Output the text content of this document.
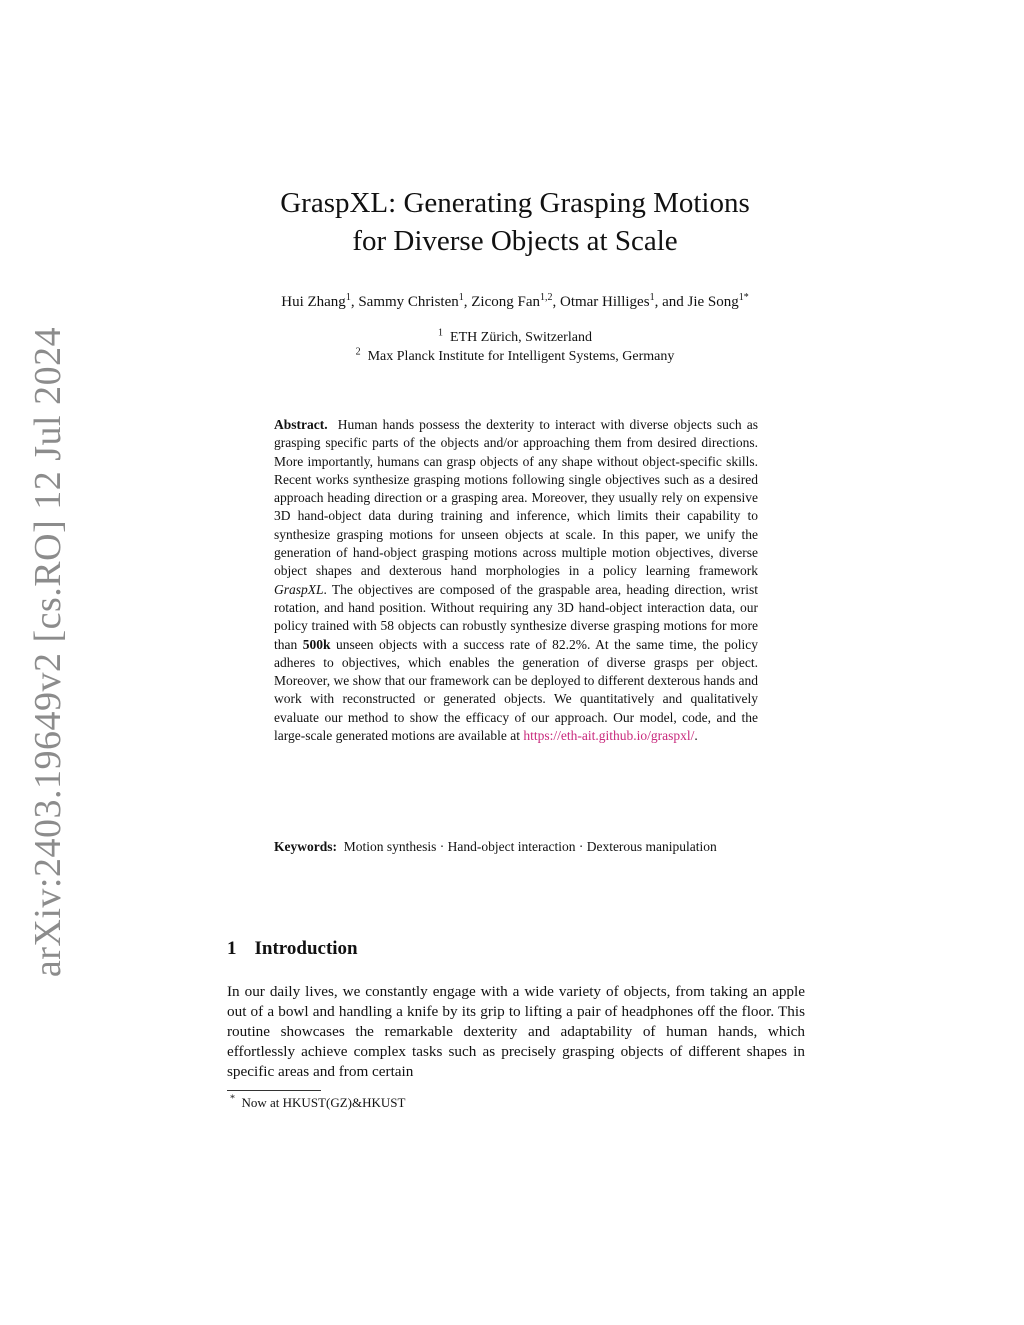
arXiv:2403.19649v2 [cs.RO] 12 Jul 2024
GraspXL: Generating Grasping Motions
for Diverse Objects at Scale
Hui Zhang$^1$, Sammy Christen$^1$, Zicong Fan$^{1,2}$, Otmar Hilliges$^1$, and Jie Song$^{1*}$
$^1$ ETH Zürich, Switzerland
$^2$ Max Planck Institute for Intelligent Systems, Germany

Abstract. Human hands possess the dexterity to interact with diverse objects such as grasping specific parts of the objects and/or approaching them from desired directions. More importantly, humans can grasp objects of any shape without object-specific skills. Recent works synthesize grasping motions following single objectives such as a desired approach heading direction or a grasping area. Moreover, they usually rely on expensive 3D hand-object data during training and inference, which limits their capability to synthesize grasping motions for unseen objects at scale. In this paper, we unify the generation of hand-object grasping motions across multiple motion objectives, diverse object shapes and dexterous hand morphologies in a policy learning framework GraspXL. The objectives are composed of the graspable area, heading direction, wrist rotation, and hand position. Without requiring any 3D hand-object interaction data, our policy trained with 58 objects can robustly synthesize diverse grasping motions for more than 500k unseen objects with a success rate of 82.2%. At the same time, the policy adheres to objectives, which enables the generation of diverse grasps per object. Moreover, we show that our framework can be deployed to different dexterous hands and work with reconstructed or generated objects. We quantitatively and qualitatively evaluate our method to show the efficacy of our approach. Our model, code, and the large-scale generated motions are available at https://eth-ait.github.io/graspxl/.

Keywords: Motion synthesis · Hand-object interaction · Dexterous manipulation

1 Introduction

In our daily lives, we constantly engage with a wide variety of objects, from taking an apple out of a bowl and handling a knife by its grip to lifting a pair of headphones off the floor. This routine showcases the remarkable dexterity and adaptability of human hands, which effortlessly achieve complex tasks such as precisely grasping objects of different shapes in specific areas and from certain

* Now at HKUST(GZ)&HKUST
